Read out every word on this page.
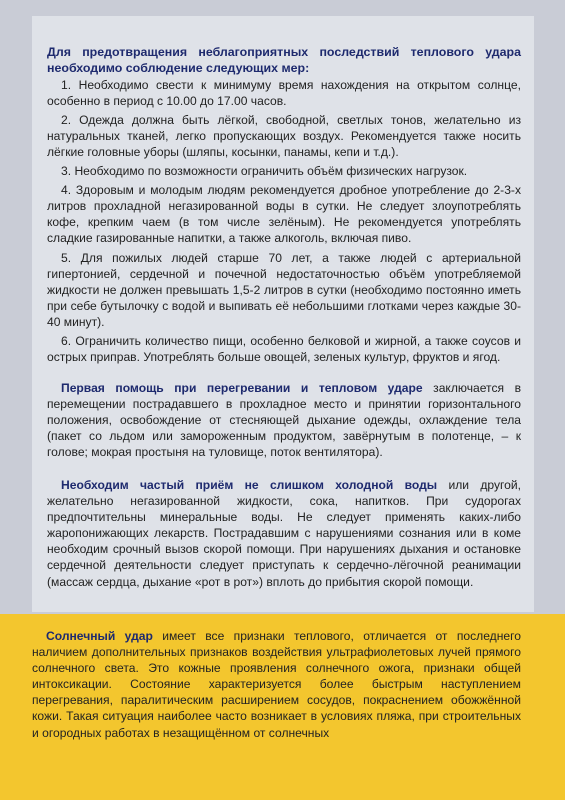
Для предотвращения неблагоприятных последствий теплового удара необходимо соблюдение следующих мер:

1. Необходимо свести к минимуму время нахождения на открытом солнце, особенно в период с 10.00 до 17.00 часов.

2. Одежда должна быть лёгкой, свободной, светлых тонов, желательно из натуральных тканей, легко пропускающих воздух. Рекомендуется также носить лёгкие головные уборы (шляпы, косынки, панамы, кепи и т.д.).

3. Необходимо по возможности ограничить объём физических нагрузок.

4. Здоровым и молодым людям рекомендуется дробное употребление до 2-3-х литров прохладной негазированной воды в сутки. Не следует злоупотреблять кофе, крепким чаем (в том числе зелёным). Не рекомендуется употреблять сладкие газированные напитки, а также алкоголь, включая пиво.

5. Для пожилых людей старше 70 лет, а также людей с артериальной гипертонией, сердечной и почечной недостаточностью объём употребляемой жидкости не должен превышать 1,5-2 литров в сутки (необходимо постоянно иметь при себе бутылочку с водой и выпивать её небольшими глотками через каждые 30-40 минут).

6. Ограничить количество пищи, особенно белковой и жирной, а также соусов и острых приправ. Употреблять больше овощей, зеленых культур, фруктов и ягод.

Первая помощь при перегревании и тепловом ударе заключается в перемещении пострадавшего в прохладное место и принятии горизонтального положения, освобождение от стесняющей дыхание одежды, охлаждение тела (пакет со льдом или замороженным продуктом, завёрнутым в полотенце, – к голове; мокрая простыня на туловище, поток вентилятора).

Необходим частый приём не слишком холодной воды или другой, желательно негазированной жидкости, сока, напитков. При судорогах предпочтительны минеральные воды. Не следует применять каких-либо жаропонижающих лекарств. Пострадавшим с нарушениями сознания или в коме необходим срочный вызов скорой помощи. При нарушениях дыхания и остановке сердечной деятельности следует приступать к сердечно-лёгочной реанимации (массаж сердца, дыхание «рот в рот») вплоть до прибытия скорой помощи.

Солнечный удар имеет все признаки теплового, отличается от последнего наличием дополнительных признаков воздействия ультрафиолетовых лучей прямого солнечного света. Это кожные проявления солнечного ожога, признаки общей интоксикации. Состояние характеризуется более быстрым наступлением перегревания, паралитическим расширением сосудов, покраснением обожжённой кожи. Такая ситуация наиболее часто возникает в условиях пляжа, при строительных и огородных работах в незащищённом от солнечных
